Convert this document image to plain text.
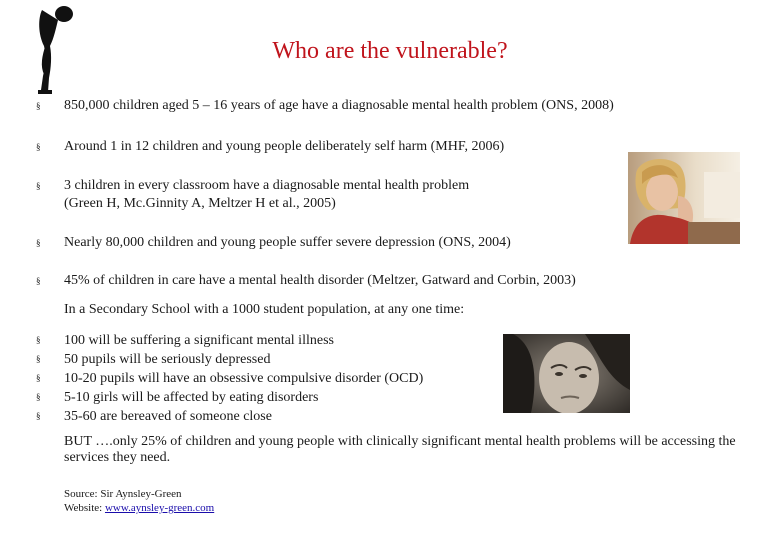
Who are the vulnerable?
§ 850,000 children aged 5 – 16 years of age have a diagnosable mental health problem (ONS, 2008)
§ Around 1 in 12 children and young people deliberately self harm (MHF, 2006)
§ 3 children in every classroom have a diagnosable mental health problem
(Green H, Mc.Ginnity A, Meltzer H et al., 2005)
§ Nearly 80,000 children and young people suffer severe depression (ONS, 2004)
§ 45% of children in care have a mental health disorder (Meltzer, Gatward and Corbin, 2003)
In a Secondary School with a 1000 student population, at any one time:
§ 100 will be suffering a significant mental illness
§ 50 pupils will be seriously depressed
§ 10-20 pupils will have an obsessive compulsive disorder (OCD)
§ 5-10 girls will be affected by eating disorders
§ 35-60 are bereaved of someone close
BUT ….only 25% of children and young people with clinically significant mental health problems will be accessing the services they need.
Source: Sir Aynsley-Green
Website: www.aynsley-green.com
